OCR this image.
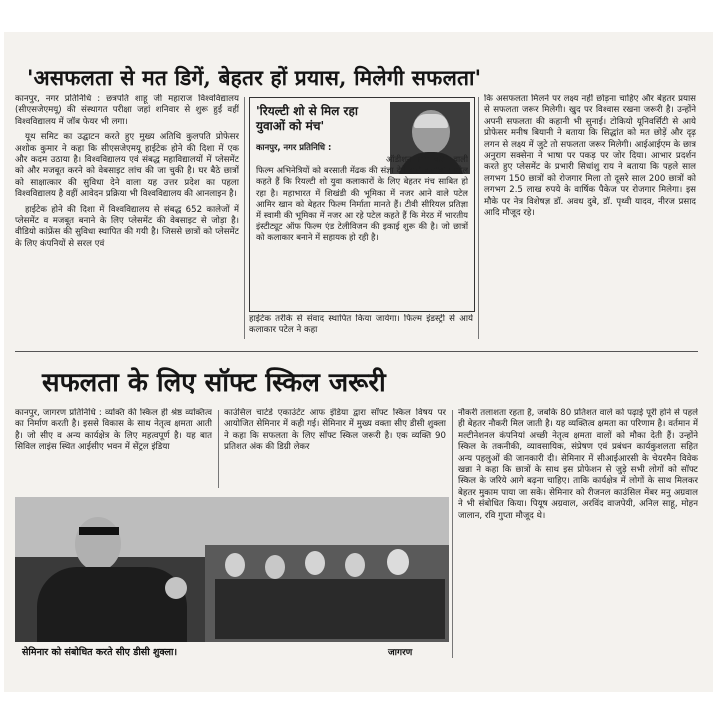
'असफलता से मत डिगें, बेहतर हों प्रयास, मिलेगी सफलता'

कानपुर, नगर प्रतिनिधि : छत्रपति शाहू जी महाराज विश्वविद्यालय (सीएसजेएमयू) की संस्थागत परीक्षा जहां शनिवार से शुरू हुईं वहीं विश्वविद्यालय में जॉब फेयर भी लगा।

यूथ समिट का उद्घाटन करते हुए मुख्य अतिथि कुलपति प्रोफेसर अशोक कुमार ने कहा कि सीएसजेएमयू हाईटेक होने की दिशा में एक और कदम उठाया है। विश्वविद्यालय एवं संबद्ध महाविद्यालयों में प्लेसमेंट को और मजबूत करने को वेबसाइट लांच की जा चुकी है। घर बैठे छात्रों को साक्षात्कार की सुविधा देने वाला यह उत्तर प्रदेश का पहला विश्वविद्यालय है वहीं आवेदन प्रक्रिया भी विश्वविद्यालय की आनलाइन है।

हाईटेक होने की दिशा में विश्वविद्यालय से संबद्ध 652 कालेजों में प्लेसमेंट व मजबूत बनाने के लिए प्लेसमेंट की वेबसाइट से जोड़ा है। वीडियो कांफ्रेंस की सुविधा स्थापित की गयी है। जिससे छात्रों को प्लेसमेंट के लिए कंपनियों से सरल एवं

'रियल्टी शो से मिल रहा युवाओं को मंच'
कानपुर, नगर प्रतिनिधि :
ऑडीशन सांग करने वाली फिल्म अभिनेत्रियों को बरसाती मेंढक की संज्ञा देने वाले कलाकार पटेल कहते हैं कि रियल्टी शो युवा कलाकारों के लिए बेहतर मंच साबित हो रहा है। महाभारत में शिखंडी की भूमिका में नजर आने वाले पटेल आमिर खान को बेहतर फिल्म निर्माता मानते हैं। टीवी सीरियल प्रतिज्ञा में स्वामी की भूमिका में नजर आ रहे पटेल कहते हैं कि मेरठ में भारतीय इंस्टीट्यूट ऑफ फिल्म एंड टेलीविजन की इकाई शुरू की है। जो छात्रों को कलाकार बनाने में सहायक हो रही है।
हाईटेक तरीके से संवाद स्थापित किया जायेगा। फिल्म इंडस्ट्री से आये कलाकार पटेल ने कहा
कि असफलता मिलने पर लक्ष्य नहीं छोड़ना चाहिए और बेहतर प्रयास से सफलता जरूर मिलेगी। खुद पर विश्वास रखना जरूरी है। उन्होंने अपनी सफलता की कहानी भी सुनाई। टोकियो यूनिवर्सिटी से आये प्रोफेसर मनीष बियानी ने बताया कि सिद्धांत को मत छोड़ें और दृढ़ लगन से लक्ष्य में जुटे तो सफलता जरूर मिलेगी। आईआईएम के छात्र अनुराग सक्सेना ने भाषा पर पकड़ पर जोर दिया। आभार प्रदर्शन करते हुए प्लेसमेंट के प्रभारी सिधांशु राय ने बताया कि पहले साल लगभग 150 छात्रों को रोजगार मिला तो दूसरे साल 200 छात्रों को लगभग 2.5 लाख रुपये के वार्षिक पैकेज पर रोजगार मिलेगा। इस मौके पर नेत्र विशेषज्ञ डॉ. अवध दुबे, डॉ. पृथ्वी यादव, नीरज प्रसाद आदि मौजूद रहे।
सफलता के लिए सॉफ्ट स्किल जरूरी
कानपुर, जागरण प्रतिनिधि : व्यक्ति की स्किल ही श्रेष्ठ व्यक्तित्व का निर्माण करती है। इससे विकास के साथ नेतृत्व क्षमता आती है। जो सीए व अन्य कार्यक्षेत्र के लिए महत्वपूर्ण है। यह बात सिविल लाइंस स्थित आईसीए भवन में सेंट्रल इंडिया
काउंसिल चार्टर्ड एकाउंटेंट आफ इंडिया द्वारा सॉफ्ट स्किल विषय पर आयोजित सेमिनार में कही गई। सेमिनार में मुख्य वक्ता सीए डीसी शुक्ला ने कहा कि सफलता के लिए सॉफ्ट स्किल जरूरी है। एक व्यक्ति 90 प्रतिशत अंक की डिग्री लेकर
सेमिनार को संबोधित करते सीए डीसी शुक्ला।	जागरण
नौकरी तलाशता रहता है, जबकि 80 प्रतिशत वाले को पढ़ाई पूरी होने से पहले ही बेहतर नौकरी मिल जाती है। यह व्यक्तित्व क्षमता का परिणाम है। वर्तमान में मल्टीनेशनल कंपनियां अच्छी नेतृत्व क्षमता वालों को मौका देती हैं। उन्होंने स्किल के तकनीकी, व्यावसायिक, संप्रेषण एवं प्रबंधन कार्यकुशलता सहित अन्य पहलुओं की जानकारी दी। सेमिनार में सीआईआरसी के चेयरमैन विवेक खन्ना ने कहा कि छात्रों के साथ इस प्रोफेशन से जुड़े सभी लोगों को सॉफ्ट स्किल के जरिये आगे बढ़ना चाहिए। ताकि कार्यक्षेत्र में लोगों के साथ मिलकर बेहतर मुकाम पाया जा सके। सेमिनार को रीजनल काउंसिल मेंबर मनु अग्रवाल ने भी संबोधित किया। पियूष अग्रवाल, अरविंद वाजपेयी, अनिल साहू, मोहन जालान, रवि गुप्ता मौजूद थे।
